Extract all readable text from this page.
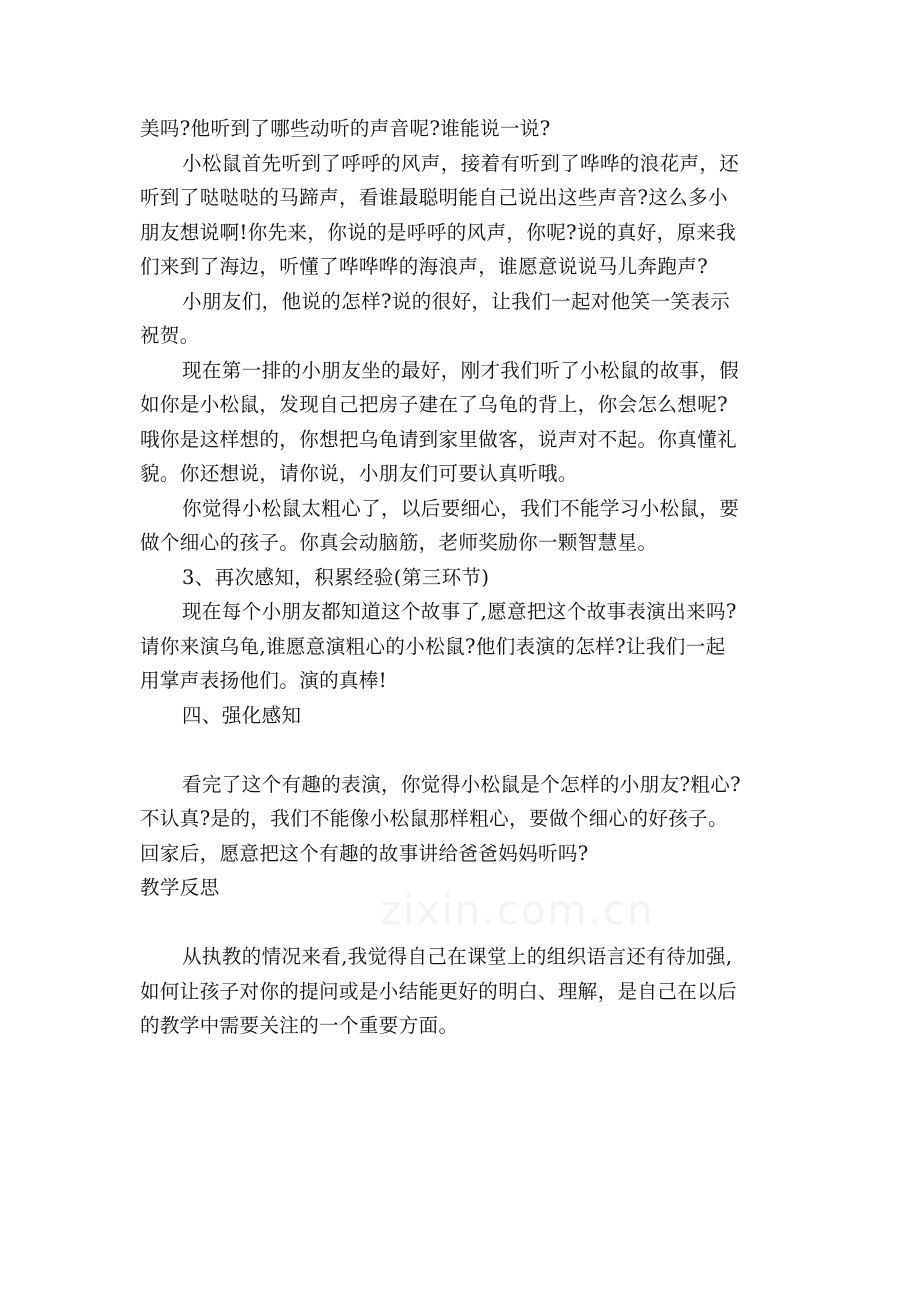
美吗?他听到了哪些动听的声音呢?谁能说一说?
小松鼠首先听到了呼呼的风声，接着有听到了哗哗的浪花声，还
听到了哒哒哒的马蹄声，看谁最聪明能自己说出这些声音?这么多小
朋友想说啊!你先来，你说的是呼呼的风声，你呢?说的真好，原来我
们来到了海边，听懂了哗哗哗的海浪声，谁愿意说说马儿奔跑声?
小朋友们，他说的怎样?说的很好，让我们一起对他笑一笑表示
祝贺。
现在第一排的小朋友坐的最好，刚才我们听了小松鼠的故事，假
如你是小松鼠，发现自己把房子建在了乌龟的背上，你会怎么想呢?
哦你是这样想的，你想把乌龟请到家里做客，说声对不起。你真懂礼
貌。你还想说，请你说，小朋友们可要认真听哦。
你觉得小松鼠太粗心了，以后要细心，我们不能学习小松鼠，要
做个细心的孩子。你真会动脑筋，老师奖励你一颗智慧星。
3、再次感知，积累经验(第三环节)
现在每个小朋友都知道这个故事了,愿意把这个故事表演出来吗?
请你来演乌龟,谁愿意演粗心的小松鼠?他们表演的怎样?让我们一起
用掌声表扬他们。演的真棒!
四、强化感知
看完了这个有趣的表演，你觉得小松鼠是个怎样的小朋友?粗心?
不认真?是的，我们不能像小松鼠那样粗心，要做个细心的好孩子。
回家后，愿意把这个有趣的故事讲给爸爸妈妈听吗?
教学反思
从执教的情况来看,我觉得自己在课堂上的组织语言还有待加强,
如何让孩子对你的提问或是小结能更好的明白、理解，是自己在以后
的教学中需要关注的一个重要方面。
zixin.com.cn
